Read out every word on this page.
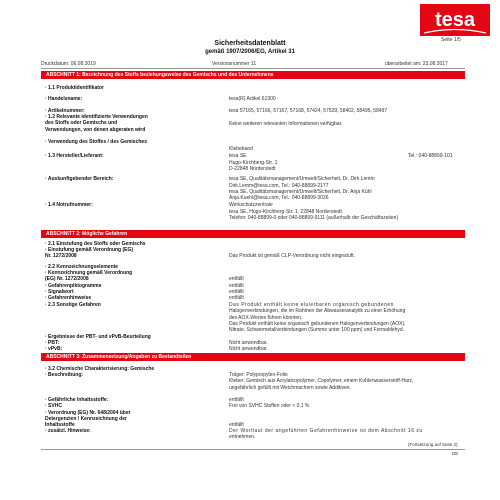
tesa
Seite 1/5
Sicherheitsdatenblatt
gemäß 1907/2006/EG, Artikel 31
Druckdatum: 06.08.2019	Versionsnummer 11	überarbeitet am: 23.08.2017
ABSCHNITT 1: Bezeichnung des Stoffs beziehungsweise des Gemischs und des Unternehmens
· 1.1 Produktidentifikator
· Handelsname:	tesa(R) Artikel 61300
· Artikelnummer:	tesa 57165, 57166, 57167, 57168, 57424, 57529, 58402, 58495, 58497
· 1.2 Relevante identifizierte Verwendungen des Stoffs oder Gemischs und Verwendungen, von denen abgeraten wird
Keine weiteren relevanten Informationen verfügbar.
· Verwendung des Stoffes / des Gemisches
Klebeband
· 1.3 Hersteller/Lieferant:	tesa SE
Hugo-Kirchberg-Str. 1
D-22848 Norderstedt
Tel.: 040-88899-101
· Auskunftgebender Bereich:	tesa SE, Qualitätsmanagement/Umwelt/Sicherheit, Dr. Dirk Lemm
Dirk.Lemm@tesa.com, Tel.: 040-88899-2177
tesa SE, Qualitätsmanagement/Umwelt/Sicherheit, Dr. Anja Kühl
Anja.Kuehl@tesa.com, Tel.: 040-88899-3036
· 1.4 Notrufnummer:	Werkschutzzentrale
tesa SE, Hugo-Kirchberg-Str. 1, 22848 Norderstedt
Telefon: 040-88899-0 oder 040-88899-9111 (außerhalb der Geschäftszeiten)
ABSCHNITT 2: Mögliche Gefahren
· 2.1 Einstufung des Stoffs oder Gemischs
· Einstufung gemäß Verordnung (EG)
Nr. 1272/2008	Das Produkt ist gemäß CLP-Verordnung nicht eingestuft.
· 2.2 Kennzeichnungselemente
· Kennzeichnung gemäß Verordnung
(EG) Nr. 1272/2008	entfällt
· Gefahrenpiktogramme	entfällt
· Signalwort	entfällt
· Gefahrenhinweise	entfällt
· 2.3 Sonstige Gefahren	Das Produkt enthält keine eluierbaren organisch gebundenen
Halogenverbindungen, die im Rahmen der Abwasseranalytik zu einer Erhöhung
des AOX-Wertes führen könnten.
Das Produkt enthält keine organisch gebundenen Halogenverbindungen (AOX),
Nitrate, Schwermetallverbindungen (Summe unter 100 ppm) und Formaldehyd.
· Ergebnisse der PBT- und vPvB-Beurteilung
· PBT:	Nicht anwendbar.
· vPvB:	Nicht anwendbar.
ABSCHNITT 3: Zusammensetzung/Angaben zu Bestandteilen
· 3.2 Chemische Charakterisierung: Gemische
· Beschreibung:	Träger: Polypropylen-Folie
Kleber: Gemisch aus Acrylatcopolymer, Copolymer, einem Kohlenwasserstoff-Harz,
ungefährlich gefüllt mit Weichmachern sowie Additiven.
· Gefährliche Inhaltsstoffe:	entfällt
· SVHC	Frei von SVHC Stoffen oder < 0,1 %
· Verordnung (EG) Nr. 648/2004 über
Detergenzien / Kennzeichnung der
Inhaltsstoffe	entfällt
· zusätzl. Hinweise:	Der Wortlaut der angeführten Gefahrenhinweise ist dem Abschnitt 16 zu
entnehmen.
(Fortsetzung auf Seite 2)
DE
